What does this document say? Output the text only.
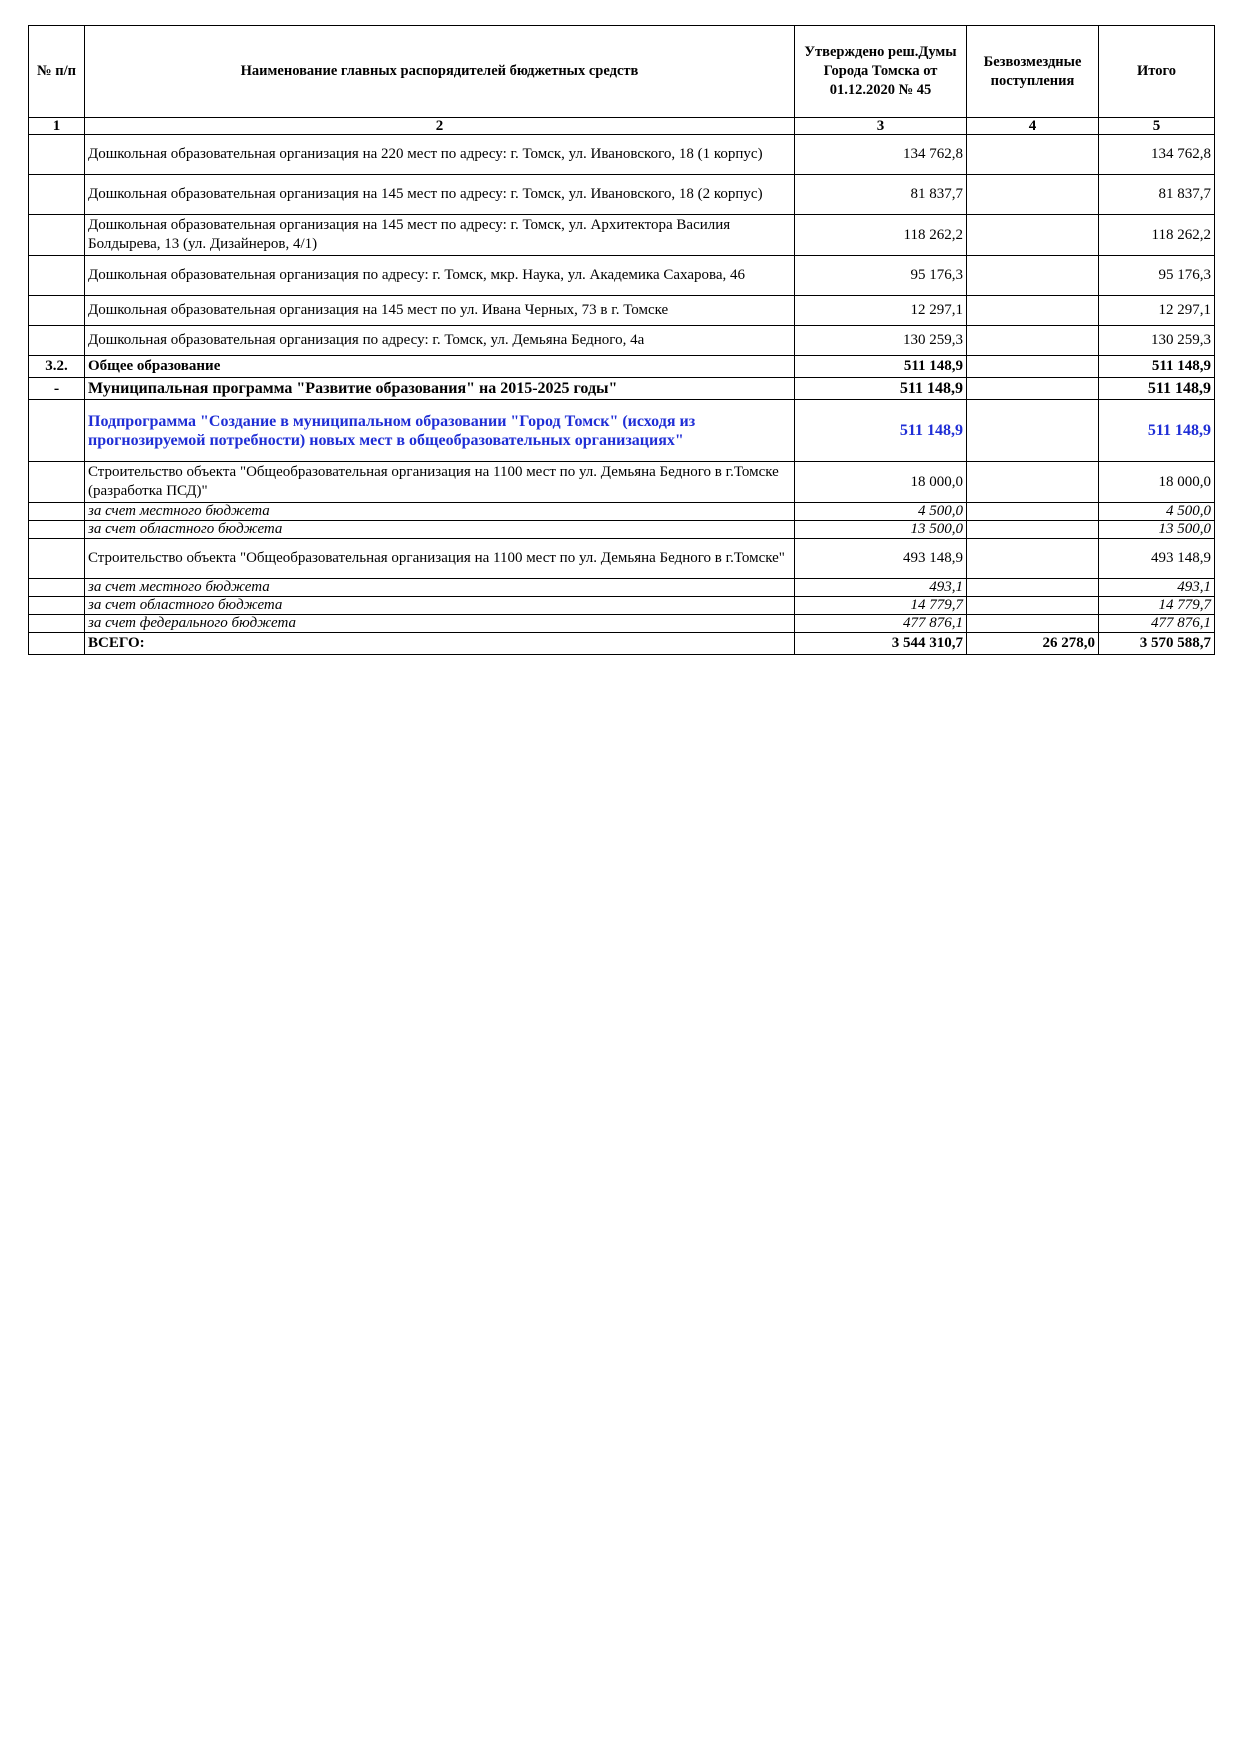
№ п/п	Наименование главных распорядителей бюджетных средств	Утверждено реш.Думы Города Томска от 01.12.2020 № 45	Безвозмездные поступления	Итого
1	2	3	4	5
	Дошкольная образовательная организация на 220 мест по адресу: г. Томск, ул. Ивановского, 18 (1 корпус)	134 762,8		134 762,8
	Дошкольная образовательная организация на 145 мест по адресу: г. Томск, ул. Ивановского, 18 (2 корпус)	81 837,7		81 837,7
	Дошкольная образовательная организация на 145 мест по адресу: г. Томск, ул. Архитектора Василия Болдырева, 13 (ул. Дизайнеров, 4/1)	118 262,2		118 262,2
	Дошкольная образовательная организация по адресу: г. Томск, мкр. Наука, ул. Академика Сахарова, 46	95 176,3		95 176,3
	Дошкольная образовательная организация на 145 мест по ул. Ивана Черных, 73 в г. Томске	12 297,1		12 297,1
	Дошкольная образовательная организация по адресу: г. Томск, ул. Демьяна Бедного, 4а	130 259,3		130 259,3
3.2.	Общее образование	511 148,9		511 148,9
-	Муниципальная программа "Развитие образования" на 2015-2025 годы"	511 148,9		511 148,9
	Подпрограмма "Создание в муниципальном образовании "Город Томск" (исходя из прогнозируемой потребности) новых мест в общеобразовательных организациях"	511 148,9		511 148,9
	Строительство объекта "Общеобразовательная организация на 1100 мест по ул. Демьяна Бедного в г.Томске (разработка ПСД)"	18 000,0		18 000,0
	за счет местного бюджета	4 500,0		4 500,0
	за счет областного бюджета	13 500,0		13 500,0
	Строительство объекта "Общеобразовательная организация на 1100 мест по ул. Демьяна Бедного в г.Томске"	493 148,9		493 148,9
	за счет местного бюджета	493,1		493,1
	за счет областного бюджета	14 779,7		14 779,7
	за счет федерального бюджета	477 876,1		477 876,1
	ВСЕГО:	3 544 310,7	26 278,0	3 570 588,7
